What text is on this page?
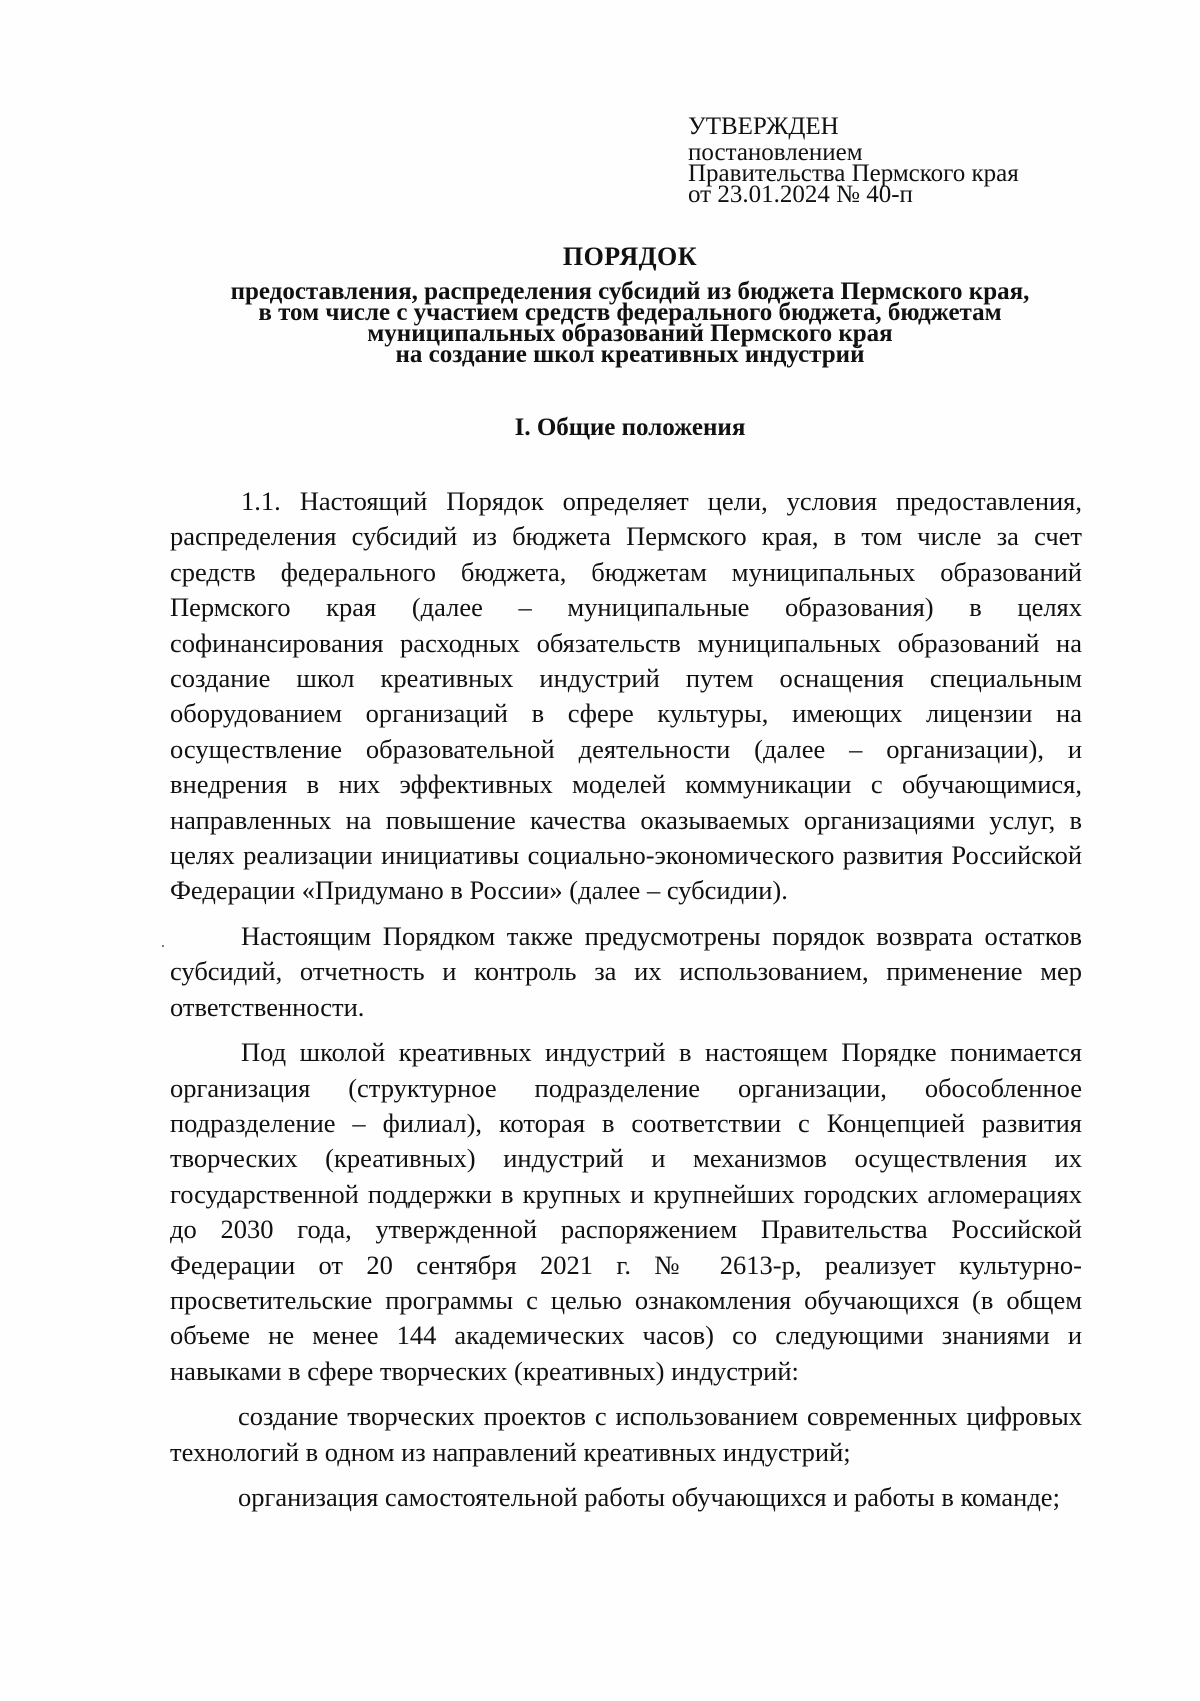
УТВЕРЖДЕН
постановлением
Правительства Пермского края
от 23.01.2024 № 40-п
ПОРЯДОК
предоставления, распределения субсидий из бюджета Пермского края,
в том числе с участием средств федерального бюджета, бюджетам
муниципальных образований Пермского края
на создание школ креативных индустрий
I. Общие положения

1.1. Настоящий Порядок определяет цели, условия предоставления, распределения субсидий из бюджета Пермского края, в том числе за счет средств федерального бюджета, бюджетам муниципальных образований Пермского края (далее – муниципальные образования) в целях софинансирования расходных обязательств муниципальных образований на создание школ креативных индустрий путем оснащения специальным оборудованием организаций в сфере культуры, имеющих лицензии на осуществление образовательной деятельности (далее – организации), и внедрения в них эффективных моделей коммуникации с обучающимися, направленных на повышение качества оказываемых организациями услуг, в целях реализации инициативы социально-экономического развития Российской Федерации «Придумано в России» (далее – субсидии).

Настоящим Порядком также предусмотрены порядок возврата остатков субсидий, отчетность и контроль за их использованием, применение мер ответственности.

Под школой креативных индустрий в настоящем Порядке понимается организация (структурное подразделение организации, обособленное подразделение – филиал), которая в соответствии с Концепцией развития творческих (креативных) индустрий и механизмов осуществления их государственной поддержки в крупных и крупнейших городских агломерациях до 2030 года, утвержденной распоряжением Правительства Российской Федерации от 20 сентября 2021 г. № 2613-р, реализует культурно-просветительские программы с целью ознакомления обучающихся (в общем объеме не менее 144 академических часов) со следующими знаниями и навыками в сфере творческих (креативных) индустрий:

создание творческих проектов с использованием современных цифровых технологий в одном из направлений креативных индустрий;

организация самостоятельной работы обучающихся и работы в команде;
